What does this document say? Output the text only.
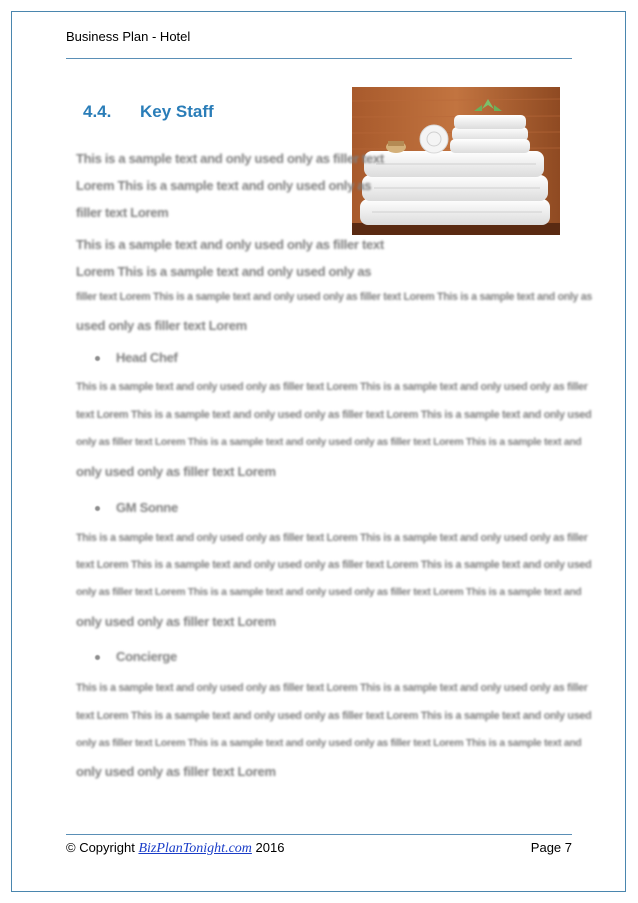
Business Plan - Hotel
4.4. Key Staff
This is a sample text and only used only as filler text
Lorem This is a sample text and only used only as
filler text Lorem
This is a sample text and only used only as filler text
Lorem This is a sample text and only used only as
filler text Lorem This is a sample text and only used only as filler text Lorem This is a sample text and only as
used only as filler text Lorem
Head Chef
This is a sample text and only used only as filler text Lorem This is a sample text and only used only as filler
text Lorem This is a sample text and only used only as filler text Lorem This is a sample text and only used
only as filler text Lorem This is a sample text and only used only as filler text Lorem This is a sample text and
only used only as filler text Lorem
GM Sonne
This is a sample text and only used only as filler text Lorem This is a sample text and only used only as filler
text Lorem This is a sample text and only used only as filler text Lorem This is a sample text and only used
only as filler text Lorem This is a sample text and only used only as filler text Lorem This is a sample text and
only used only as filler text Lorem
Concierge
This is a sample text and only used only as filler text Lorem This is a sample text and only used only as filler
text Lorem This is a sample text and only used only as filler text Lorem This is a sample text and only used
only as filler text Lorem This is a sample text and only used only as filler text Lorem This is a sample text and
only used only as filler text Lorem
© Copyright BizPlanTonight.com 2016	Page 7
